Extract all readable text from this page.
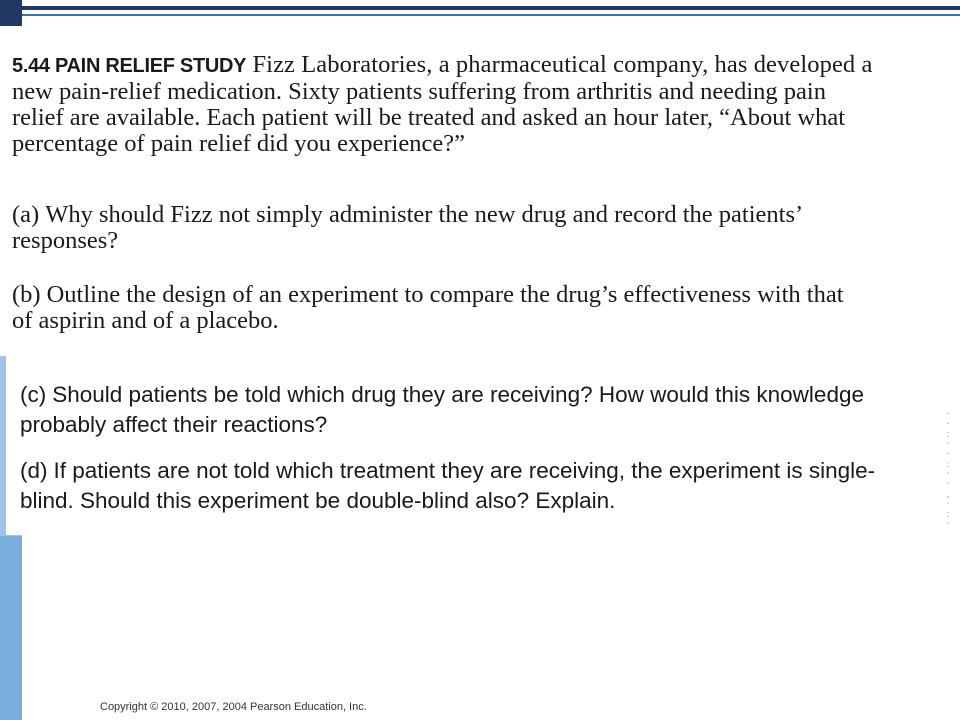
5.44 PAIN RELIEF STUDY Fizz Laboratories, a pharmaceutical company, has developed a

new pain-relief medication. Sixty patients suffering from arthritis and needing pain

relief are available. Each patient will be treated and asked an hour later, “About what

percentage of pain relief did you experience?”

(a) Why should Fizz not simply administer the new drug and record the patients’

responses?

(b) Outline the design of an experiment to compare the drug’s effectiveness with that

of aspirin and of a placebo.

(c) Should patients be told which drug they are receiving? How would this knowledge

probably affect their reactions?

(d) If patients are not told which treatment they are receiving, the experiment is single-

blind. Should this experiment be double-blind also? Explain.

·
·
:
·
·
:
·
·
,
·
:
·
Copyright © 2010, 2007, 2004 Pearson Education, Inc.
